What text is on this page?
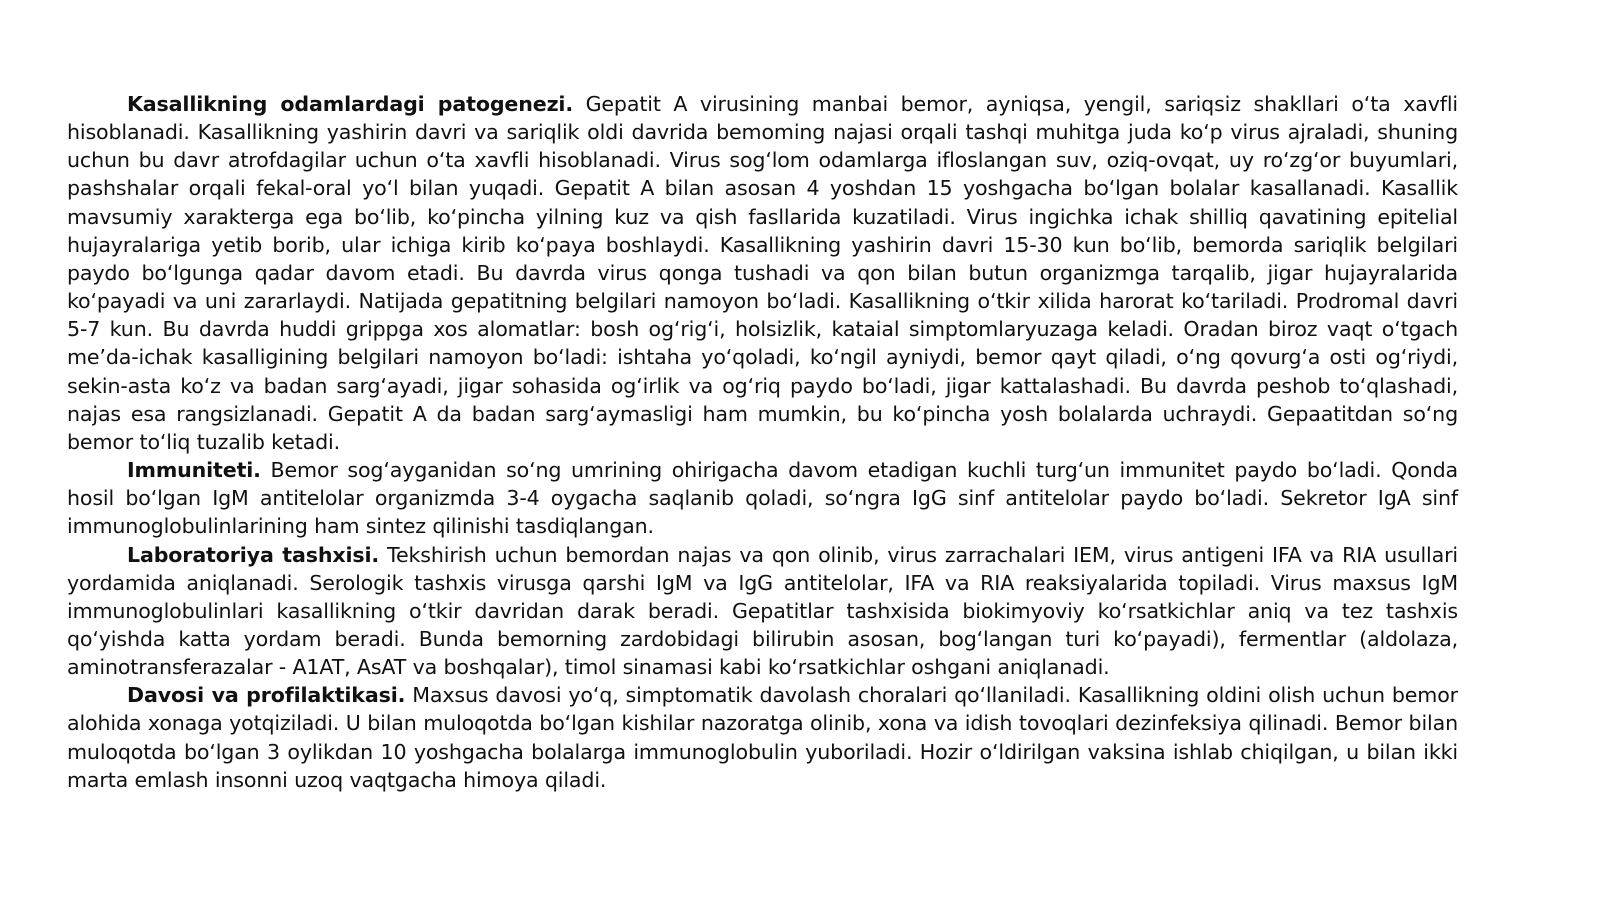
Kasallikning odamlardagi patogenezi. Gepatit A virusining manbai bemor, ayniqsa, yengil, sariqsiz shakllari o‘ta xavfli hisoblanadi. Kasallikning yashirin davri va sariqlik oldi davrida bemoming najasi orqali tashqi muhitga juda ko‘p virus ajraladi, shuning uchun bu davr atrofdagilar uchun o‘ta xavfli hisoblanadi. Virus sog‘lom odamlarga ifloslangan suv, oziq-ovqat, uy ro‘zg‘or buyumlari, pashshalar orqali fekal-oral yo‘l bilan yuqadi. Gepatit A bilan asosan 4 yoshdan 15 yoshgacha bo‘lgan bolalar kasallanadi. Kasallik mavsumiy xarakterga ega bo‘lib, ko‘pincha yilning kuz va qish fasllarida kuzatiladi. Virus ingichka ichak shilliq qavatining epitelial hujayralariga yetib borib, ular ichiga kirib ko‘paya boshlaydi. Kasallikning yashirin davri 15-30 kun bo‘lib, bemorda sariqlik belgilari paydo bo‘lgunga qadar davom etadi. Bu davrda virus qonga tushadi va qon bilan butun organizmga tarqalib, jigar hujayralarida ko‘payadi va uni zararlaydi. Natijada gepatitning belgilari namoyon bo‘ladi. Kasallikning o‘tkir xilida harorat ko‘tariladi. Prodromal davri 5-7 kun. Bu davrda huddi grippga xos alomatlar: bosh og‘rig‘i, holsizlik, kataial simptomlaryuzaga keladi. Oradan biroz vaqt o‘tgach me’da-ichak kasalligining belgilari namoyon bo‘ladi: ishtaha yo‘qoladi, ko‘ngil ayniydi, bemor qayt qiladi, o‘ng qovurg‘a osti og‘riydi, sekin-asta ko‘z va badan sarg‘ayadi, jigar sohasida og‘irlik va og‘riq paydo bo‘ladi, jigar kattalashadi. Bu davrda peshob to‘qlashadi, najas esa rangsizlanadi. Gepatit A da badan sarg‘aymasligi ham mumkin, bu ko‘pincha yosh bolalarda uchraydi. Gepaatitdan so‘ng bemor to‘liq tuzalib ketadi.

Immuniteti. Bemor sog‘ayganidan so‘ng umrining ohirigacha davom etadigan kuchli turg‘un immunitet paydo bo‘ladi. Qonda hosil bo‘lgan IgM antitelolar organizmda 3-4 oygacha saqlanib qoladi, so‘ngra IgG sinf antitelolar paydo bo‘ladi. Sekretor IgA sinf immunoglobulinlarining ham sintez qilinishi tasdiqlangan.

Laboratoriya tashxisi. Tekshirish uchun bemordan najas va qon olinib, virus zarrachalari IEM, virus antigeni IFA va RIA usullari yordamida aniqlanadi. Serologik tashxis virusga qarshi IgM va IgG antitelolar, IFA va RIA reaksiyalarida topiladi. Virus maxsus IgM immunoglobulinlari kasallikning o‘tkir davridan darak beradi. Gepatitlar tashxisida biokimyoviy ko‘rsatkichlar aniq va tez tashxis qo‘yishda katta yordam beradi. Bunda bemorning zardobidagi bilirubin asosan, bog‘langan turi ko‘payadi), fermentlar (aldolaza, aminotransferazalar - A1AT, AsAT va boshqalar), timol sinamasi kabi ko‘rsatkichlar oshgani aniqlanadi.

Davosi va profilaktikasi. Maxsus davosi yo‘q, simptomatik davolash choralari qo‘llaniladi. Kasallikning oldini olish uchun bemor alohida xonaga yotqiziladi. U bilan muloqotda bo‘lgan kishilar nazoratga olinib, xona va idish tovoqlari dezinfeksiya qilinadi. Bemor bilan muloqotda bo‘lgan 3 oylikdan 10 yoshgacha bolalarga immunoglobulin yuboriladi. Hozir o‘ldirilgan vaksina ishlab chiqilgan, u bilan ikki marta emlash insonni uzoq vaqtgacha himoya qiladi.
